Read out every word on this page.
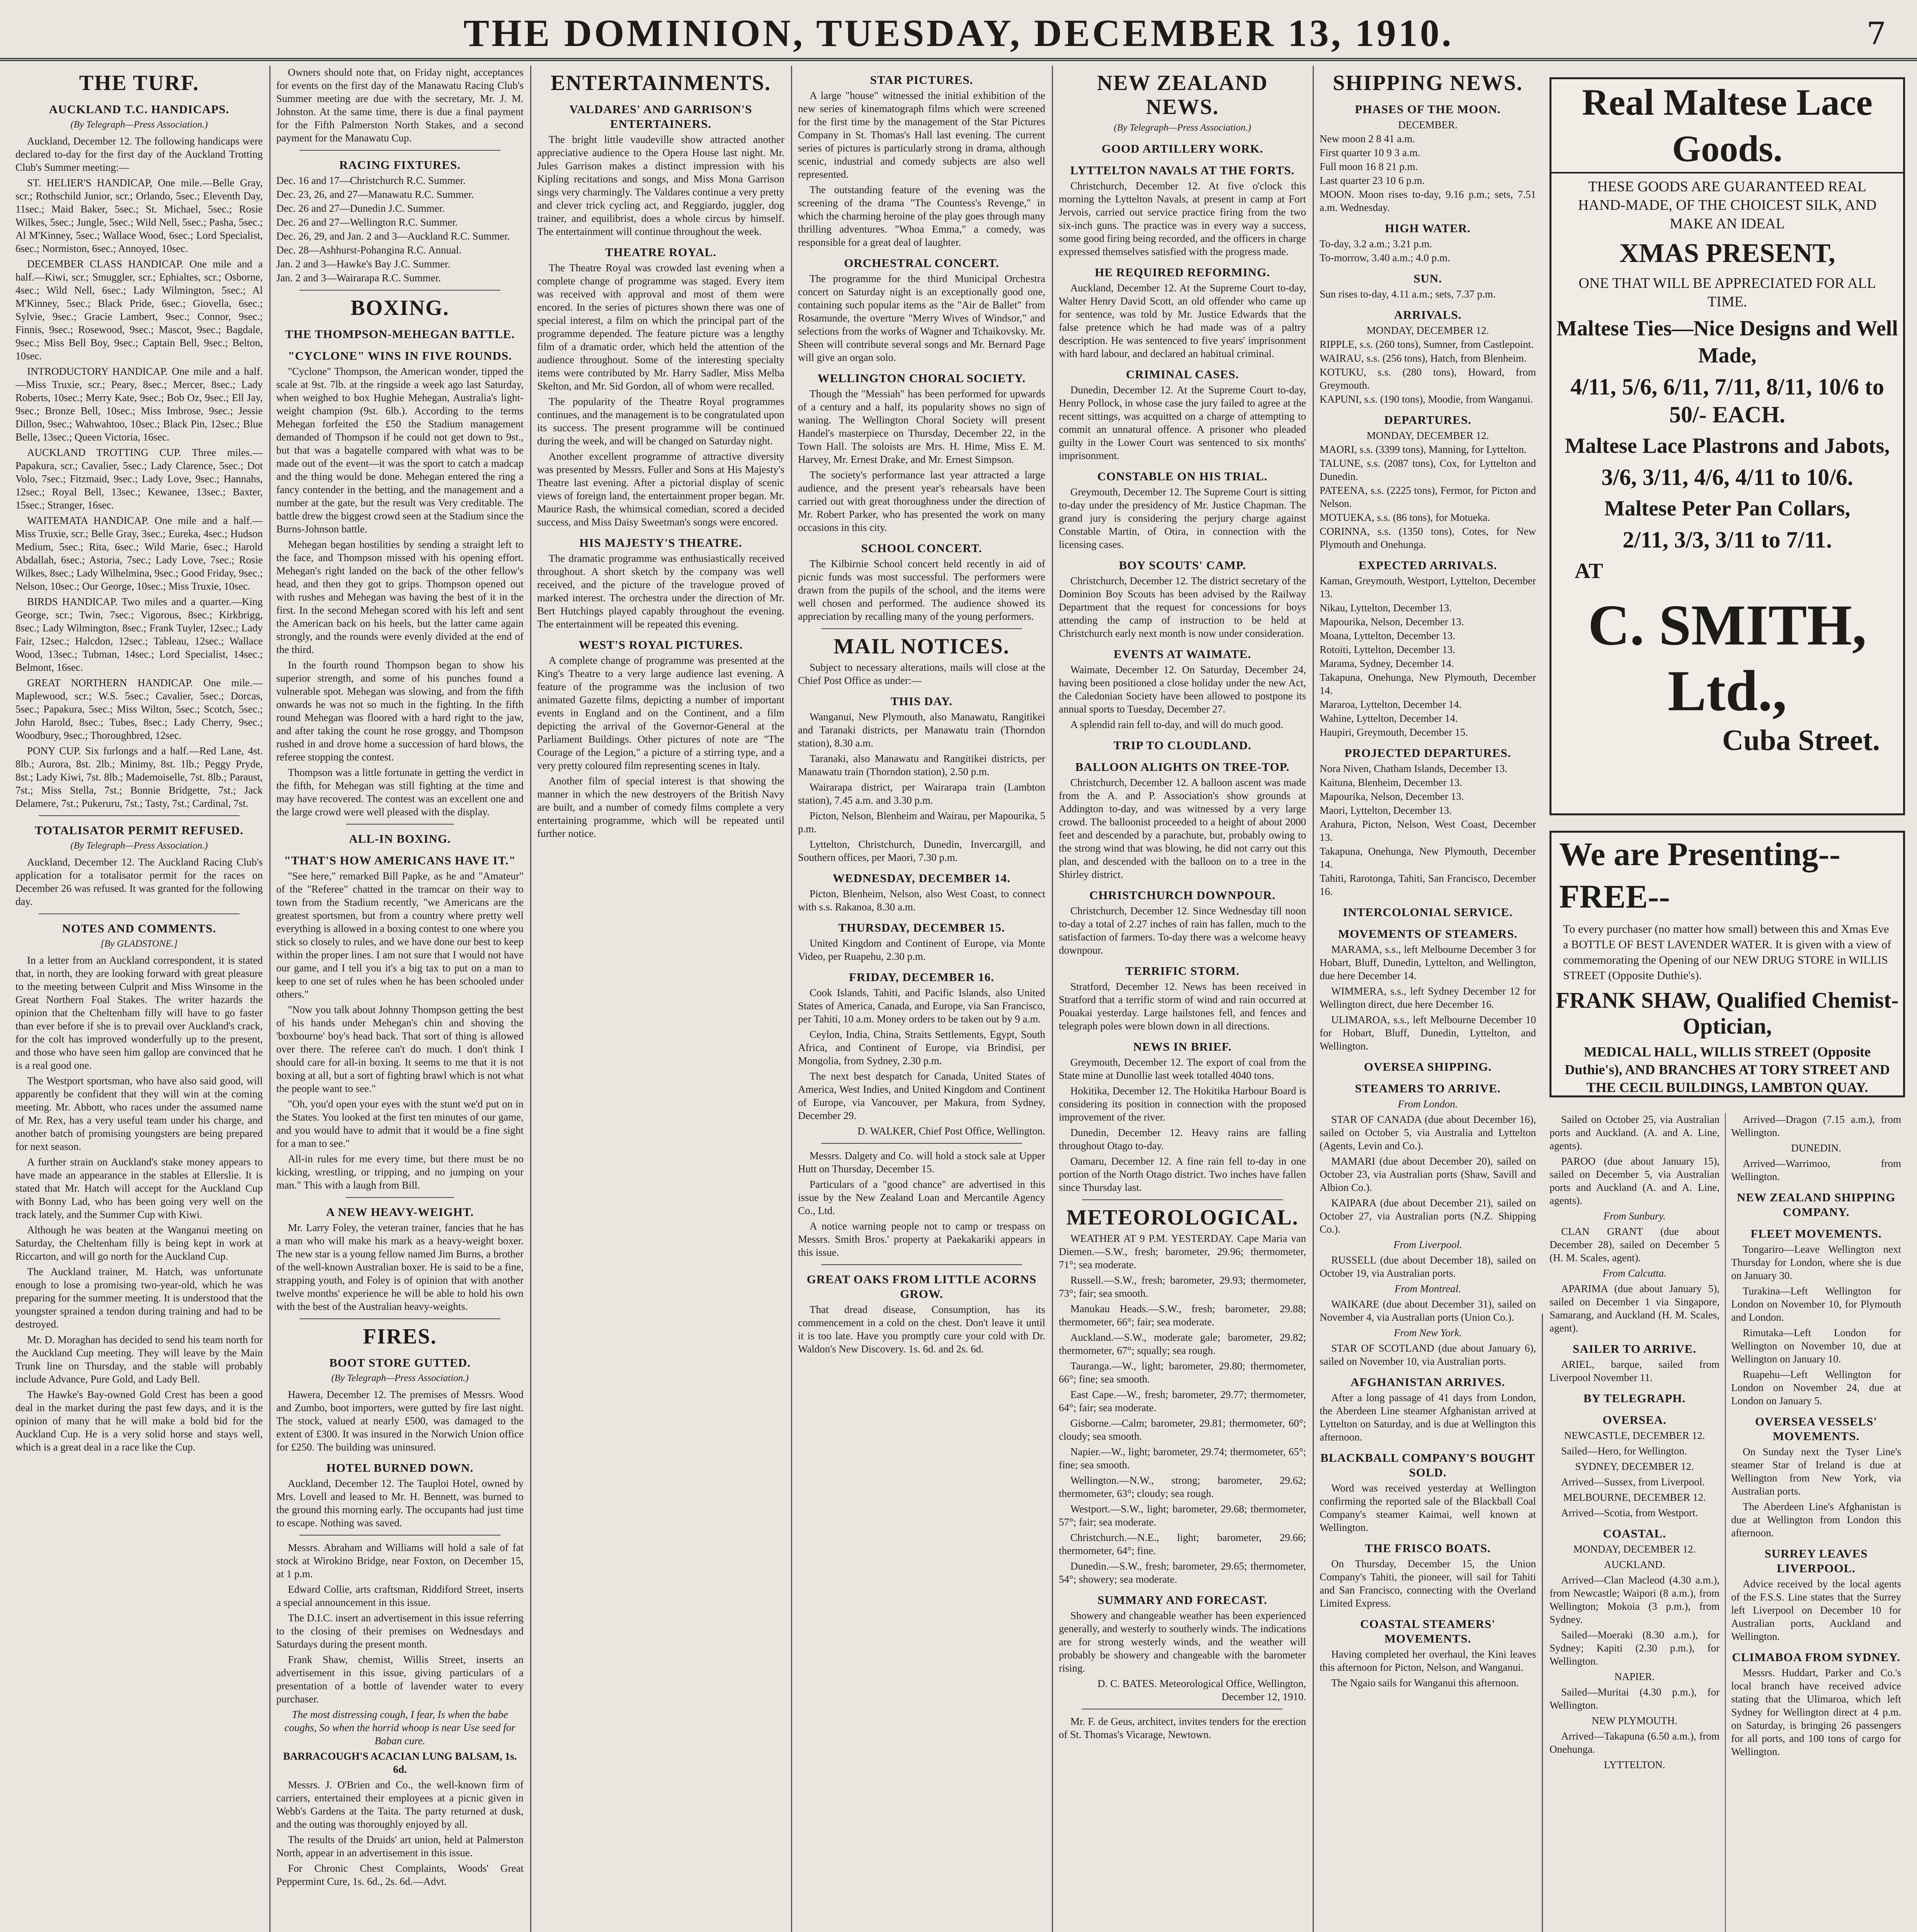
THE DOMINION, TUESDAY, DECEMBER 13, 1910.	7
THE TURF.
AUCKLAND T.C. HANDICAPS.
(By Telegraph—Press Association.)

Auckland, December 12. The following handicaps were declared to-day for the first day of the Auckland Trotting Club's Summer meeting:—

ST. HELIER'S HANDICAP, One mile.—Belle Gray, scr.; Rothschild Junior, scr.; Orlando, 5sec.; Eleventh Day, 11sec.; Maid Baker, 5sec.; St. Michael, 5sec.; Rosie Wilkes, 5sec.; Jungle, 5sec.; Wild Nell, 5sec.; Pasha, 5sec.; Al M'Kinney, 5sec.; Wallace Wood, 6sec.; Lord Specialist, 6sec.; Normiston, 6sec.; Annoyed, 10sec.

DECEMBER CLASS HANDICAP. One mile and a half.—Kiwi, scr.; Smuggler, scr.; Ephialtes, scr.; Osborne, 4sec.; Wild Nell, 6sec.; Lady Wilmington, 5sec.; Al M'Kinney, 5sec.; Black Pride, 6sec.; Giovella, 6sec.; Sylvie, 9sec.; Gracie Lambert, 9sec.; Connor, 9sec.; Finnis, 9sec.; Rosewood, 9sec.; Mascot, 9sec.; Bagdale, 9sec.; Miss Bell Boy, 9sec.; Captain Bell, 9sec.; Belton, 10sec.

INTRODUCTORY HANDICAP. One mile and a half.—Miss Truxie, scr.; Peary, 8sec.; Mercer, 8sec.; Lady Roberts, 10sec.; Merry Kate, 9sec.; Bob Oz, 9sec.; Ell Jay, 9sec.; Bronze Bell, 10sec.; Miss Imbrose, 9sec.; Jessie Dillon, 9sec.; Wahwahtoo, 10sec.; Black Pin, 12sec.; Blue Belle, 13sec.; Queen Victoria, 16sec.

AUCKLAND TROTTING CUP. Three miles.—Papakura, scr.; Cavalier, 5sec.; Lady Clarence, 5sec.; Dot Volo, 7sec.; Fitzmaid, 9sec.; Lady Love, 9sec.; Hannahs, 12sec.; Royal Bell, 13sec.; Kewanee, 13sec.; Baxter, 15sec.; Stranger, 16sec.

WAITEMATA HANDICAP. One mile and a half.—Miss Truxie, scr.; Belle Gray, 3sec.; Eureka, 4sec.; Hudson Medium, 5sec.; Rita, 6sec.; Wild Marie, 6sec.; Harold Abdallah, 6sec.; Astoria, 7sec.; Lady Love, 7sec.; Rosie Wilkes, 8sec.; Lady Wilhelmina, 9sec.; Good Friday, 9sec.; Nelson, 10sec.; Our George, 10sec.; Miss Truxie, 10sec.

BIRDS HANDICAP. Two miles and a quarter.—King George, scr.; Twin, 7sec.; Vigorous, 8sec.; Kirkbrigg, 8sec.; Lady Wilmington, 8sec.; Frank Tuyler, 12sec.; Lady Fair, 12sec.; Halcdon, 12sec.; Tableau, 12sec.; Wallace Wood, 13sec.; Tubman, 14sec.; Lord Specialist, 14sec.; Belmont, 16sec.

GREAT NORTHERN HANDICAP. One mile.—Maplewood, scr.; W.S. 5sec.; Cavalier, 5sec.; Dorcas, 5sec.; Papakura, 5sec.; Miss Wilton, 5sec.; Scotch, 5sec.; John Harold, 8sec.; Tubes, 8sec.; Lady Cherry, 9sec.; Woodbury, 9sec.; Thoroughbred, 12sec.

PONY CUP. Six furlongs and a half.—Red Lane, 4st. 8lb.; Aurora, 8st. 2lb.; Minimy, 8st. 1lb.; Peggy Pryde, 8st.; Lady Kiwi, 7st. 8lb.; Mademoiselle, 7st. 8lb.; Paraust, 7st.; Miss Stella, 7st.; Bonnie Bridgette, 7st.; Jack Delamere, 7st.; Pukeruru, 7st.; Tasty, 7st.; Cardinal, 7st.

TOTALISATOR PERMIT REFUSED.
(By Telegraph—Press Association.)

Auckland, December 12. The Auckland Racing Club's application for a totalisator permit for the races on December 26 was refused. It was granted for the following day.

NOTES AND COMMENTS.
[By GLADSTONE.]

In a letter from an Auckland correspondent, it is stated that, in north, they are looking forward with great pleasure to the meeting between Culprit and Miss Winsome in the Great Northern Foal Stakes. The writer hazards the opinion that the Cheltenham filly will have to go faster than ever before if she is to prevail over Auckland's crack, for the colt has improved wonderfully up to the present, and those who have seen him gallop are convinced that he is a real good one.

The Westport sportsman, who have also said good, will apparently be confident that they will win at the coming meeting. Mr. Abbott, who races under the assumed name of Mr. Rex, has a very useful team under his charge, and another batch of promising youngsters are being prepared for next season.

A further strain on Auckland's stake money appears to have made an appearance in the stables at Ellerslie. It is stated that Mr. Hatch will accept for the Auckland Cup with Bonny Lad, who has been going very well on the track lately, and the Summer Cup with Kiwi.

Although he was beaten at the Wanganui meeting on Saturday, the Cheltenham filly is being kept in work at Riccarton, and will go north for the Auckland Cup.

The Auckland trainer, M. Hatch, was unfortunate enough to lose a promising two-year-old, which he was preparing for the summer meeting. It is understood that the youngster sprained a tendon during training and had to be destroyed.

Mr. D. Moraghan has decided to send his team north for the Auckland Cup meeting. They will leave by the Main Trunk line on Thursday, and the stable will probably include Advance, Pure Gold, and Lady Bell.

The Hawke's Bay-owned Gold Crest has been a good deal in the market during the past few days, and it is the opinion of many that he will make a bold bid for the Auckland Cup. He is a very solid horse and stays well, which is a great deal in a race like the Cup.

Owners should note that, on Friday night, acceptances for events on the first day of the Manawatu Racing Club's Summer meeting are due with the secretary, Mr. J. M. Johnston. At the same time, there is due a final payment for the Fifth Palmerston North Stakes, and a second payment for the Manawatu Cup.

RACING FIXTURES.

Dec. 16 and 17—Christchurch R.C. Summer.

Dec. 23, 26, and 27—Manawatu R.C. Summer.

Dec. 26 and 27—Dunedin J.C. Summer.

Dec. 26 and 27—Wellington R.C. Summer.

Dec. 26, 29, and Jan. 2 and 3—Auckland R.C. Summer.

Dec. 28—Ashhurst-Pohangina R.C. Annual.

Jan. 2 and 3—Hawke's Bay J.C. Summer.

Jan. 2 and 3—Wairarapa R.C. Summer.

BOXING.
THE THOMPSON-MEHEGAN BATTLE.
"CYCLONE" WINS IN FIVE ROUNDS.

"Cyclone" Thompson, the American wonder, tipped the scale at 9st. 7lb. at the ringside a week ago last Saturday, when weighed to box Hughie Mehegan, Australia's light-weight champion (9st. 6lb.). According to the terms Mehegan forfeited the £50 the Stadium management demanded of Thompson if he could not get down to 9st., but that was a bagatelle compared with what was to be made out of the event—it was the sport to catch a madcap and the thing would be done. Mehegan entered the ring a fancy contender in the betting, and the management and a number at the gate, but the result was Very creditable. The battle drew the biggest crowd seen at the Stadium since the Burns-Johnson battle.

Mehegan began hostilities by sending a straight left to the face, and Thompson missed with his opening effort. Mehegan's right landed on the back of the other fellow's head, and then they got to grips. Thompson opened out with rushes and Mehegan was having the best of it in the first. In the second Mehegan scored with his left and sent the American back on his heels, but the latter came again strongly, and the rounds were evenly divided at the end of the third.

In the fourth round Thompson began to show his superior strength, and some of his punches found a vulnerable spot. Mehegan was slowing, and from the fifth onwards he was not so much in the fighting. In the fifth round Mehegan was floored with a hard right to the jaw, and after taking the count he rose groggy, and Thompson rushed in and drove home a succession of hard blows, the referee stopping the contest.

Thompson was a little fortunate in getting the verdict in the fifth, for Mehegan was still fighting at the time and may have recovered. The contest was an excellent one and the large crowd were well pleased with the display.

ALL-IN BOXING.
"THAT'S HOW AMERICANS HAVE IT."

"See here," remarked Bill Papke, as he and "Amateur" of the "Referee" chatted in the tramcar on their way to town from the Stadium recently, "we Americans are the greatest sportsmen, but from a country where pretty well everything is allowed in a boxing contest to one where you stick so closely to rules, and we have done our best to keep within the proper lines. I am not sure that I would not have our game, and I tell you it's a big tax to put on a man to keep to one set of rules when he has been schooled under others."

"Now you talk about Johnny Thompson getting the best of his hands under Mehegan's chin and shoving the 'boxbourne' boy's head back. That sort of thing is allowed over there. The referee can't do much. I don't think I should care for all-in boxing. It seems to me that it is not boxing at all, but a sort of fighting brawl which is not what the people want to see."

"Oh, you'd open your eyes with the stunt we'd put on in the States. You looked at the first ten minutes of our game, and you would have to admit that it would be a fine sight for a man to see."

All-in rules for me every time, but there must be no kicking, wrestling, or tripping, and no jumping on your man." This with a laugh from Bill.

A NEW HEAVY-WEIGHT.

Mr. Larry Foley, the veteran trainer, fancies that he has a man who will make his mark as a heavy-weight boxer. The new star is a young fellow named Jim Burns, a brother of the well-known Australian boxer. He is said to be a fine, strapping youth, and Foley is of opinion that with another twelve months' experience he will be able to hold his own with the best of the Australian heavy-weights.

FIRES.
BOOT STORE GUTTED.
(By Telegraph—Press Association.)

Hawera, December 12. The premises of Messrs. Wood and Zumbo, boot importers, were gutted by fire last night. The stock, valued at nearly £500, was damaged to the extent of £300. It was insured in the Norwich Union office for £250. The building was uninsured.

HOTEL BURNED DOWN.

Auckland, December 12. The Tauploi Hotel, owned by Mrs. Lovell and leased to Mr. H. Bennett, was burned to the ground this morning early. The occupants had just time to escape. Nothing was saved.

Messrs. Abraham and Williams will hold a sale of fat stock at Wirokino Bridge, near Foxton, on December 15, at 1 p.m.

Edward Collie, arts craftsman, Riddiford Street, inserts a special announcement in this issue.

The D.I.C. insert an advertisement in this issue referring to the closing of their premises on Wednesdays and Saturdays during the present month.

Frank Shaw, chemist, Willis Street, inserts an advertisement in this issue, giving particulars of a presentation of a bottle of lavender water to every purchaser.

The most distressing cough, I fear, Is when the babe coughs, So when the horrid whoop is near Use seed for Baban cure.

BARRACOUGH'S ACACIAN LUNG BALSAM, 1s. 6d.

Messrs. J. O'Brien and Co., the well-known firm of carriers, entertained their employees at a picnic given in Webb's Gardens at the Taita. The party returned at dusk, and the outing was thoroughly enjoyed by all.

The results of the Druids' art union, held at Palmerston North, appear in an advertisement in this issue.

For Chronic Chest Complaints, Woods' Great Peppermint Cure, 1s. 6d., 2s. 6d.—Advt.

ENTERTAINMENTS.
VALDARES' AND GARRISON'S ENTERTAINERS.

The bright little vaudeville show attracted another appreciative audience to the Opera House last night. Mr. Jules Garrison makes a distinct impression with his Kipling recitations and songs, and Miss Mona Garrison sings very charmingly. The Valdares continue a very pretty and clever trick cycling act, and Reggiardo, juggler, dog trainer, and equilibrist, does a whole circus by himself. The entertainment will continue throughout the week.

THEATRE ROYAL.

The Theatre Royal was crowded last evening when a complete change of programme was staged. Every item was received with approval and most of them were encored. In the series of pictures shown there was one of special interest, a film on which the principal part of the programme depended. The feature picture was a lengthy film of a dramatic order, which held the attention of the audience throughout. Some of the interesting specialty items were contributed by Mr. Harry Sadler, Miss Melba Skelton, and Mr. Sid Gordon, all of whom were recalled.

The popularity of the Theatre Royal programmes continues, and the management is to be congratulated upon its success. The present programme will be continued during the week, and will be changed on Saturday night.

Another excellent programme of attractive diversity was presented by Messrs. Fuller and Sons at His Majesty's Theatre last evening. After a pictorial display of scenic views of foreign land, the entertainment proper began. Mr. Maurice Rash, the whimsical comedian, scored a decided success, and Miss Daisy Sweetman's songs were encored.

HIS MAJESTY'S THEATRE.

The dramatic programme was enthusiastically received throughout. A short sketch by the company was well received, and the picture of the travelogue proved of marked interest. The orchestra under the direction of Mr. Bert Hutchings played capably throughout the evening. The entertainment will be repeated this evening.

WEST'S ROYAL PICTURES.

A complete change of programme was presented at the King's Theatre to a very large audience last evening. A feature of the programme was the inclusion of two animated Gazette films, depicting a number of important events in England and on the Continent, and a film depicting the arrival of the Governor-General at the Parliament Buildings. Other pictures of note are "The Courage of the Legion," a picture of a stirring type, and a very pretty coloured film representing scenes in Italy.

Another film of special interest is that showing the manner in which the new destroyers of the British Navy are built, and a number of comedy films complete a very entertaining programme, which will be repeated until further notice.

STAR PICTURES.

A large "house" witnessed the initial exhibition of the new series of kinematograph films which were screened for the first time by the management of the Star Pictures Company in St. Thomas's Hall last evening. The current series of pictures is particularly strong in drama, although scenic, industrial and comedy subjects are also well represented.

The outstanding feature of the evening was the screening of the drama "The Countess's Revenge," in which the charming heroine of the play goes through many thrilling adventures. "Whoa Emma," a comedy, was responsible for a great deal of laughter.

ORCHESTRAL CONCERT.

The programme for the third Municipal Orchestra concert on Saturday night is an exceptionally good one, containing such popular items as the "Air de Ballet" from Rosamunde, the overture "Merry Wives of Windsor," and selections from the works of Wagner and Tchaikovsky. Mr. Sheen will contribute several songs and Mr. Bernard Page will give an organ solo.

WELLINGTON CHORAL SOCIETY.

Though the "Messiah" has been performed for upwards of a century and a half, its popularity shows no sign of waning. The Wellington Choral Society will present Handel's masterpiece on Thursday, December 22, in the Town Hall. The soloists are Mrs. H. Hime, Miss E. M. Harvey, Mr. Ernest Drake, and Mr. Ernest Simpson.

The society's performance last year attracted a large audience, and the present year's rehearsals have been carried out with great thoroughness under the direction of Mr. Robert Parker, who has presented the work on many occasions in this city.

SCHOOL CONCERT.

The Kilbirnie School concert held recently in aid of picnic funds was most successful. The performers were drawn from the pupils of the school, and the items were well chosen and performed. The audience showed its appreciation by recalling many of the young performers.

MAIL NOTICES.

Subject to necessary alterations, mails will close at the Chief Post Office as under:—

THIS DAY.

Wanganui, New Plymouth, also Manawatu, Rangitikei and Taranaki districts, per Manawatu train (Thorndon station), 8.30 a.m.

Taranaki, also Manawatu and Rangitikei districts, per Manawatu train (Thorndon station), 2.50 p.m.

Wairarapa district, per Wairarapa train (Lambton station), 7.45 a.m. and 3.30 p.m.

Picton, Nelson, Blenheim and Wairau, per Mapourika, 5 p.m.

Lyttelton, Christchurch, Dunedin, Invercargill, and Southern offices, per Maori, 7.30 p.m.

WEDNESDAY, DECEMBER 14.

Picton, Blenheim, Nelson, also West Coast, to connect with s.s. Rakanoa, 8.30 a.m.

THURSDAY, DECEMBER 15.

United Kingdom and Continent of Europe, via Monte Video, per Ruapehu, 2.30 p.m.

FRIDAY, DECEMBER 16.

Cook Islands, Tahiti, and Pacific Islands, also United States of America, Canada, and Europe, via San Francisco, per Tahiti, 10 a.m. Money orders to be taken out by 9 a.m.

Ceylon, India, China, Straits Settlements, Egypt, South Africa, and Continent of Europe, via Brindisi, per Mongolia, from Sydney, 2.30 p.m.

The next best despatch for Canada, United States of America, West Indies, and United Kingdom and Continent of Europe, via Vancouver, per Makura, from Sydney, December 29.

D. WALKER, Chief Post Office, Wellington.

Messrs. Dalgety and Co. will hold a stock sale at Upper Hutt on Thursday, December 15.

Particulars of a "good chance" are advertised in this issue by the New Zealand Loan and Mercantile Agency Co., Ltd.

A notice warning people not to camp or trespass on Messrs. Smith Bros.' property at Paekakariki appears in this issue.

GREAT OAKS FROM LITTLE ACORNS GROW.

That dread disease, Consumption, has its commencement in a cold on the chest. Don't leave it until it is too late. Have you promptly cure your cold with Dr. Waldon's New Discovery. 1s. 6d. and 2s. 6d.

NEW ZEALAND NEWS.
(By Telegraph—Press Association.)
GOOD ARTILLERY WORK.
LYTTELTON NAVALS AT THE FORTS.

Christchurch, December 12. At five o'clock this morning the Lyttelton Navals, at present in camp at Fort Jervois, carried out service practice firing from the two six-inch guns. The practice was in every way a success, some good firing being recorded, and the officers in charge expressed themselves satisfied with the progress made.

HE REQUIRED REFORMING.

Auckland, December 12. At the Supreme Court to-day, Walter Henry David Scott, an old offender who came up for sentence, was told by Mr. Justice Edwards that the false pretence which he had made was of a paltry description. He was sentenced to five years' imprisonment with hard labour, and declared an habitual criminal.

CRIMINAL CASES.

Dunedin, December 12. At the Supreme Court to-day, Henry Pollock, in whose case the jury failed to agree at the recent sittings, was acquitted on a charge of attempting to commit an unnatural offence. A prisoner who pleaded guilty in the Lower Court was sentenced to six months' imprisonment.

CONSTABLE ON HIS TRIAL.

Greymouth, December 12. The Supreme Court is sitting to-day under the presidency of Mr. Justice Chapman. The grand jury is considering the perjury charge against Constable Martin, of Otira, in connection with the licensing cases.

BOY SCOUTS' CAMP.

Christchurch, December 12. The district secretary of the Dominion Boy Scouts has been advised by the Railway Department that the request for concessions for boys attending the camp of instruction to be held at Christchurch early next month is now under consideration.

EVENTS AT WAIMATE.

Waimate, December 12. On Saturday, December 24, having been positioned a close holiday under the new Act, the Caledonian Society have been allowed to postpone its annual sports to Tuesday, December 27.

A splendid rain fell to-day, and will do much good.

TRIP TO CLOUDLAND.
BALLOON ALIGHTS ON TREE-TOP.

Christchurch, December 12. A balloon ascent was made from the A. and P. Association's show grounds at Addington to-day, and was witnessed by a very large crowd. The balloonist proceeded to a height of about 2000 feet and descended by a parachute, but, probably owing to the strong wind that was blowing, he did not carry out this plan, and descended with the balloon on to a tree in the Shirley district.

CHRISTCHURCH DOWNPOUR.

Christchurch, December 12. Since Wednesday till noon to-day a total of 2.27 inches of rain has fallen, much to the satisfaction of farmers. To-day there was a welcome heavy downpour.

TERRIFIC STORM.

Stratford, December 12. News has been received in Stratford that a terrific storm of wind and rain occurred at Pouakai yesterday. Large hailstones fell, and fences and telegraph poles were blown down in all directions.

NEWS IN BRIEF.

Greymouth, December 12. The export of coal from the State mine at Dunollie last week totalled 4040 tons.

Hokitika, December 12. The Hokitika Harbour Board is considering its position in connection with the proposed improvement of the river.

Dunedin, December 12. Heavy rains are falling throughout Otago to-day.

Oamaru, December 12. A fine rain fell to-day in one portion of the North Otago district. Two inches have fallen since Thursday last.

METEOROLOGICAL.

WEATHER AT 9 P.M. YESTERDAY. Cape Maria van Diemen.—S.W., fresh; barometer, 29.96; thermometer, 71°; sea moderate.

Russell.—S.W., fresh; barometer, 29.93; thermometer, 73°; fair; sea smooth.

Manukau Heads.—S.W., fresh; barometer, 29.88; thermometer, 66°; fair; sea moderate.

Auckland.—S.W., moderate gale; barometer, 29.82; thermometer, 67°; squally; sea rough.

Tauranga.—W., light; barometer, 29.80; thermometer, 66°; fine; sea smooth.

East Cape.—W., fresh; barometer, 29.77; thermometer, 64°; fair; sea moderate.

Gisborne.—Calm; barometer, 29.81; thermometer, 60°; cloudy; sea smooth.

Napier.—W., light; barometer, 29.74; thermometer, 65°; fine; sea smooth.

Wellington.—N.W., strong; barometer, 29.62; thermometer, 63°; cloudy; sea rough.

Westport.—S.W., light; barometer, 29.68; thermometer, 57°; fair; sea moderate.

Christchurch.—N.E., light; barometer, 29.66; thermometer, 64°; fine.

Dunedin.—S.W., fresh; barometer, 29.65; thermometer, 54°; showery; sea moderate.

SUMMARY AND FORECAST.

Showery and changeable weather has been experienced generally, and westerly to southerly winds. The indications are for strong westerly winds, and the weather will probably be showery and changeable with the barometer rising.

D. C. BATES. Meteorological Office, Wellington, December 12, 1910.

Mr. F. de Geus, architect, invites tenders for the erection of St. Thomas's Vicarage, Newtown.

SHIPPING NEWS.
PHASES OF THE MOON.

DECEMBER.

New moon 2 8 41 a.m.

First quarter 10 9 3 a.m.

Full moon 16 8 21 p.m.

Last quarter 23 10 6 p.m.

MOON. Moon rises to-day, 9.16 p.m.; sets, 7.51 a.m. Wednesday.

HIGH WATER.

To-day, 3.2 a.m.; 3.21 p.m.

To-morrow, 3.40 a.m.; 4.0 p.m.

SUN.

Sun rises to-day, 4.11 a.m.; sets, 7.37 p.m.

ARRIVALS.

MONDAY, DECEMBER 12.

RIPPLE, s.s. (260 tons), Sumner, from Castlepoint.

WAIRAU, s.s. (256 tons), Hatch, from Blenheim.

KOTUKU, s.s. (280 tons), Howard, from Greymouth.

KAPUNI, s.s. (190 tons), Moodie, from Wanganui.

DEPARTURES.

MONDAY, DECEMBER 12.

MAORI, s.s. (3399 tons), Manning, for Lyttelton.

TALUNE, s.s. (2087 tons), Cox, for Lyttelton and Dunedin.

PATEENA, s.s. (2225 tons), Fermor, for Picton and Nelson.

MOTUEKA, s.s. (86 tons), for Motueka.

CORINNA, s.s. (1350 tons), Cotes, for New Plymouth and Onehunga.

EXPECTED ARRIVALS.

Kaman, Greymouth, Westport, Lyttelton, December 13.

Nikau, Lyttelton, December 13.

Mapourika, Nelson, December 13.

Moana, Lyttelton, December 13.

Rotoiti, Lyttelton, December 13.

Marama, Sydney, December 14.

Takapuna, Onehunga, New Plymouth, December 14.

Mararoa, Lyttelton, December 14.

Wahine, Lyttelton, December 14.

Haupiri, Greymouth, December 15.

PROJECTED DEPARTURES.

Nora Niven, Chatham Islands, December 13.

Kaituna, Blenheim, December 13.

Mapourika, Nelson, December 13.

Maori, Lyttelton, December 13.

Arahura, Picton, Nelson, West Coast, December 13.

Takapuna, Onehunga, New Plymouth, December 14.

Tahiti, Rarotonga, Tahiti, San Francisco, December 16.

INTERCOLONIAL SERVICE.
MOVEMENTS OF STEAMERS.

MARAMA, s.s., left Melbourne December 3 for Hobart, Bluff, Dunedin, Lyttelton, and Wellington, due here December 14.

WIMMERA, s.s., left Sydney December 12 for Wellington direct, due here December 16.

ULIMAROA, s.s., left Melbourne December 10 for Hobart, Bluff, Dunedin, Lyttelton, and Wellington.

OVERSEA SHIPPING.
STEAMERS TO ARRIVE.

From London.

STAR OF CANADA (due about December 16), sailed on October 5, via Australia and Lyttelton (Agents, Levin and Co.).

MAMARI (due about December 20), sailed on October 23, via Australian ports (Shaw, Savill and Albion Co.).

KAIPARA (due about December 21), sailed on October 27, via Australian ports (N.Z. Shipping Co.).

From Liverpool.

RUSSELL (due about December 18), sailed on October 19, via Australian ports.

From Montreal.

WAIKARE (due about December 31), sailed on November 4, via Australian ports (Union Co.).

From New York.

STAR OF SCOTLAND (due about January 6), sailed on November 10, via Australian ports.

AFGHANISTAN ARRIVES.

After a long passage of 41 days from London, the Aberdeen Line steamer Afghanistan arrived at Lyttelton on Saturday, and is due at Wellington this afternoon.

BLACKBALL COMPANY'S BOUGHT SOLD.

Word was received yesterday at Wellington confirming the reported sale of the Blackball Coal Company's steamer Kaimai, well known at Wellington.

THE FRISCO BOATS.

On Thursday, December 15, the Union Company's Tahiti, the pioneer, will sail for Tahiti and San Francisco, connecting with the Overland Limited Express.

COASTAL STEAMERS' MOVEMENTS.

Having completed her overhaul, the Kini leaves this afternoon for Picton, Nelson, and Wanganui.

The Ngaio sails for Wanganui this afternoon.

Real Maltese Lace Goods.
THESE GOODS ARE GUARANTEED REAL HAND-MADE, OF THE CHOICEST SILK, AND MAKE AN IDEAL
XMAS PRESENT,
ONE THAT WILL BE APPRECIATED FOR ALL TIME.
Maltese Ties—Nice Designs and Well Made,
4/11, 5/6, 6/11, 7/11, 8/11, 10/6 to 50/- EACH.
Maltese Lace Plastrons and Jabots,
3/6, 3/11, 4/6, 4/11 to 10/6.
Maltese Peter Pan Collars,
2/11, 3/3, 3/11 to 7/11.
AT
C. SMITH, Ltd.,
Cuba Street.
We are Presenting--FREE--
To every purchaser (no matter how small) between this and Xmas Eve a BOTTLE OF BEST LAVENDER WATER. It is given with a view of commemorating the Opening of our NEW DRUG STORE in WILLIS STREET (Opposite Duthie's).
FRANK SHAW, Qualified Chemist-Optician,
MEDICAL HALL, WILLIS STREET (Opposite Duthie's), AND BRANCHES AT TORY STREET AND THE CECIL BUILDINGS, LAMBTON QUAY.

Sailed on October 25, via Australian ports and Auckland. (A. and A. Line, agents).

PAROO (due about January 15), sailed on December 5, via Australian ports and Auckland (A. and A. Line, agents).

From Sunbury.

CLAN GRANT (due about December 28), sailed on December 5 (H. M. Scales, agent).

From Calcutta.

APARIMA (due about January 5), sailed on December 1 via Singapore, Samarang, and Auckland (H. M. Scales, agent).

SAILER TO ARRIVE.

ARIEL, barque, sailed from Liverpool November 11.

BY TELEGRAPH.
OVERSEA.

NEWCASTLE, DECEMBER 12.

Sailed—Hero, for Wellington.

SYDNEY, DECEMBER 12.

Arrived—Sussex, from Liverpool.

MELBOURNE, DECEMBER 12.

Arrived—Scotia, from Westport.

COASTAL.

MONDAY, DECEMBER 12.

AUCKLAND.

Arrived—Clan Macleod (4.30 a.m.), from Newcastle; Waipori (8 a.m.), from Wellington; Mokoia (3 p.m.), from Sydney.

Sailed—Moeraki (8.30 a.m.), for Sydney; Kapiti (2.30 p.m.), for Wellington.

NAPIER.

Sailed—Muritai (4.30 p.m.), for Wellington.

NEW PLYMOUTH.

Arrived—Takapuna (6.50 a.m.), from Onehunga.

LYTTELTON.

Arrived—Dragon (7.15 a.m.), from Wellington.

DUNEDIN.

Arrived—Warrimoo, from Wellington.

NEW ZEALAND SHIPPING COMPANY.
FLEET MOVEMENTS.

Tongariro—Leave Wellington next Thursday for London, where she is due on January 30.

Turakina—Left Wellington for London on November 10, for Plymouth and London.

Rimutaka—Left London for Wellington on November 10, due at Wellington on January 10.

Ruapehu—Left Wellington for London on November 24, due at London on January 5.

OVERSEA VESSELS' MOVEMENTS.

On Sunday next the Tyser Line's steamer Star of Ireland is due at Wellington from New York, via Australian ports.

The Aberdeen Line's Afghanistan is due at Wellington from London this afternoon.

SURREY LEAVES LIVERPOOL.

Advice received by the local agents of the F.S.S. Line states that the Surrey left Liverpool on December 10 for Australian ports, Auckland and Wellington.

CLIMABOA FROM SYDNEY.

Messrs. Huddart, Parker and Co.'s local branch have received advice stating that the Ulimaroa, which left Sydney for Wellington direct at 4 p.m. on Saturday, is bringing 26 passengers for all ports, and 100 tons of cargo for Wellington.
